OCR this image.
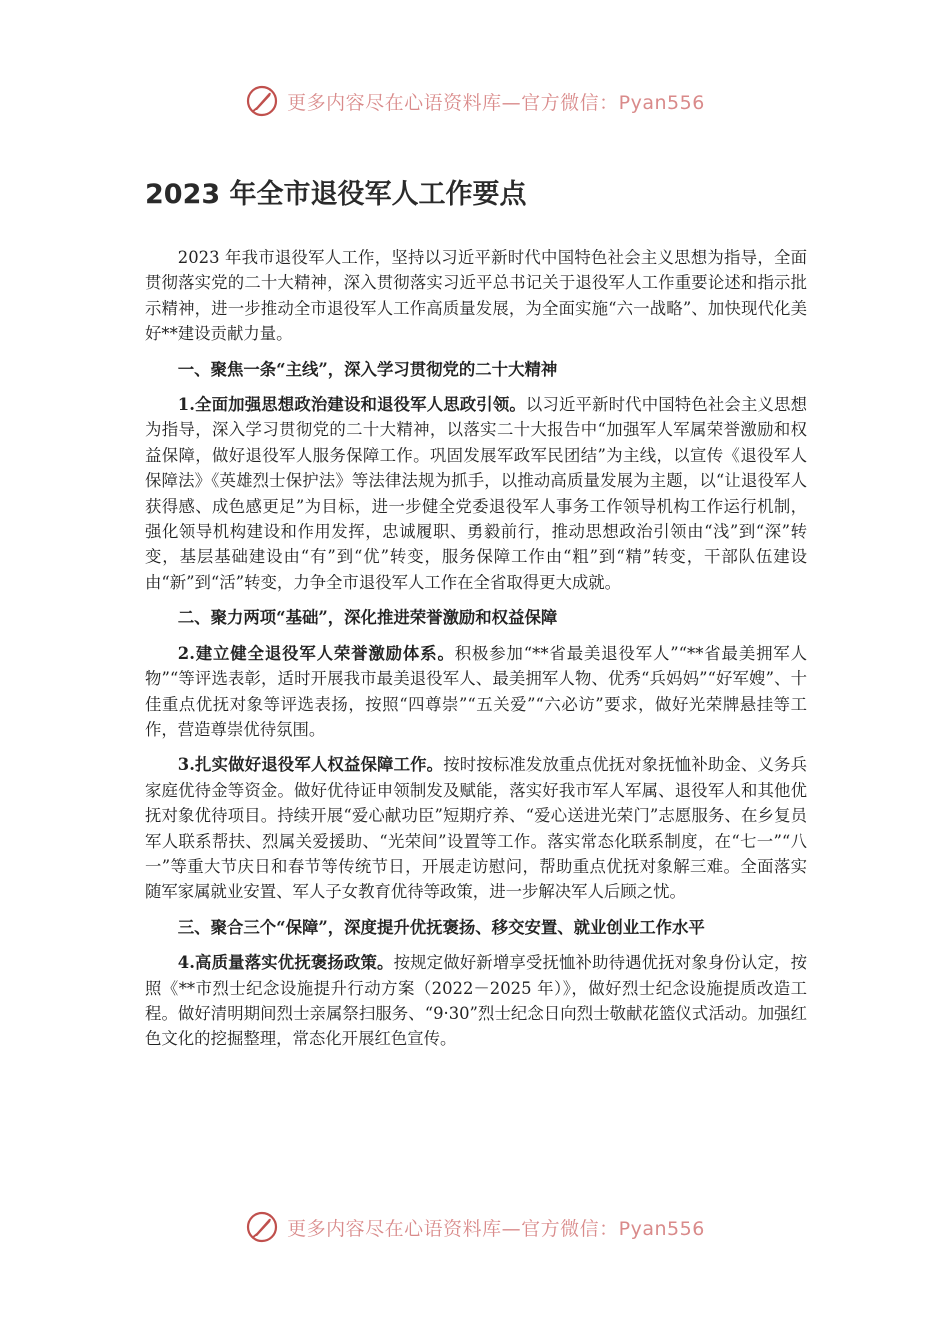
更多内容尽在心语资料库—官方微信：Pyan556
2023 年全市退役军人工作要点

2023 年我市退役军人工作，坚持以习近平新时代中国特色社会主义思想为指导，全面贯彻落实党的二十大精神，深入贯彻落实习近平总书记关于退役军人工作重要论述和指示批示精神，进一步推动全市退役军人工作高质量发展，为全面实施“六一战略”、加快现代化美好**建设贡献力量。

一、聚焦一条“主线”，深入学习贯彻党的二十大精神

1.全面加强思想政治建设和退役军人思政引领。以习近平新时代中国特色社会主义思想为指导，深入学习贯彻党的二十大精神，以落实二十大报告中“加强军人军属荣誉激励和权益保障，做好退役军人服务保障工作。巩固发展军政军民团结”为主线，以宣传《退役军人保障法》《英雄烈士保护法》等法律法规为抓手，以推动高质量发展为主题，以“让退役军人获得感、成色感更足”为目标，进一步健全党委退役军人事务工作领导机构工作运行机制，强化领导机构建设和作用发挥，忠诚履职、勇毅前行，推动思想政治引领由“浅”到“深”转变，基层基础建设由“有”到“优”转变，服务保障工作由“粗”到“精”转变，干部队伍建设由“新”到“活”转变，力争全市退役军人工作在全省取得更大成就。

二、聚力两项“基础”，深化推进荣誉激励和权益保障

2.建立健全退役军人荣誉激励体系。积极参加“**省最美退役军人”“**省最美拥军人物”“等评选表彰，适时开展我市最美退役军人、最美拥军人物、优秀“兵妈妈”“好军嫂”、十佳重点优抚对象等评选表扬，按照“四尊崇”“五关爱”“六必访”要求，做好光荣牌悬挂等工作，营造尊崇优待氛围。

3.扎实做好退役军人权益保障工作。按时按标准发放重点优抚对象抚恤补助金、义务兵家庭优待金等资金。做好优待证申领制发及赋能，落实好我市军人军属、退役军人和其他优抚对象优待项目。持续开展“爱心献功臣”短期疗养、“爱心送进光荣门”志愿服务、在乡复员军人联系帮扶、烈属关爱援助、“光荣间”设置等工作。落实常态化联系制度，在“七一”“八一”等重大节庆日和春节等传统节日，开展走访慰问，帮助重点优抚对象解三难。全面落实随军家属就业安置、军人子女教育优待等政策，进一步解决军人后顾之忧。

三、聚合三个“保障”，深度提升优抚褒扬、移交安置、就业创业工作水平

4.高质量落实优抚褒扬政策。按规定做好新增享受抚恤补助待遇优抚对象身份认定，按照《**市烈士纪念设施提升行动方案（2022－2025 年）》，做好烈士纪念设施提质改造工程。做好清明期间烈士亲属祭扫服务、“9·30”烈士纪念日向烈士敬献花篮仪式活动。加强红色文化的挖掘整理，常态化开展红色宣传。

更多内容尽在心语资料库—官方微信：Pyan556
